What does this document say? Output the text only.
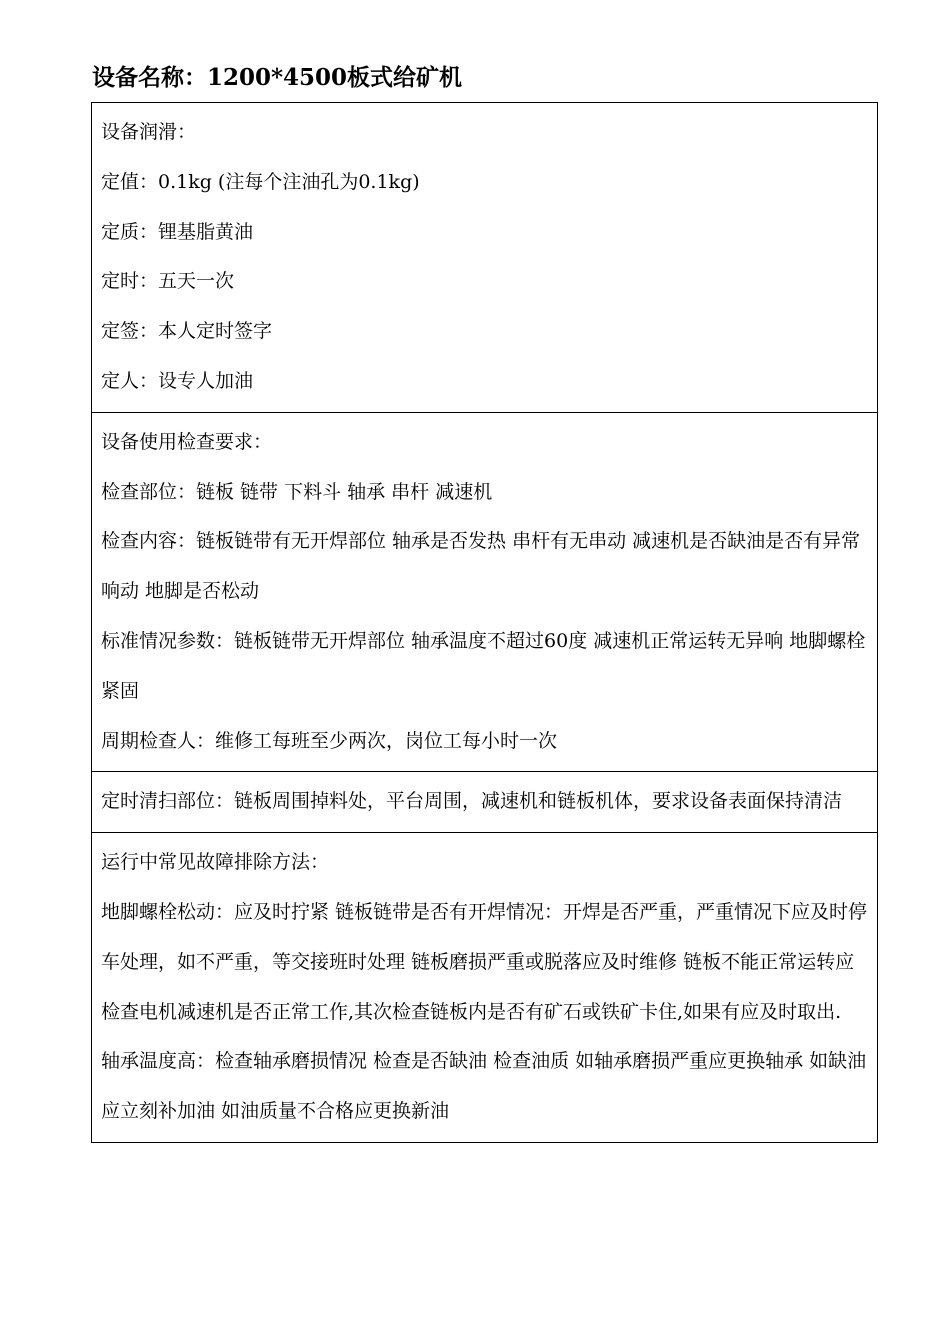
设备名称：1200*4500板式给矿机
设备润滑：
定值：0.1kg (注每个注油孔为0.1kg)
定质：锂基脂黄油
定时：五天一次
定签：本人定时签字
定人：设专人加油

设备使用检查要求：
检查部位：链板 链带 下料斗 轴承 串杆 减速机
检查内容：链板链带有无开焊部位 轴承是否发热 串杆有无串动 减速机是否缺油是否有异常响动 地脚是否松动
标准情况参数：链板链带无开焊部位 轴承温度不超过60度 减速机正常运转无异响 地脚螺栓紧固
周期检查人：维修工每班至少两次，岗位工每小时一次

定时清扫部位：链板周围掉料处，平台周围，减速机和链板机体，要求设备表面保持清洁

运行中常见故障排除方法：
地脚螺栓松动：应及时拧紧 链板链带是否有开焊情况：开焊是否严重，严重情况下应及时停车处理，如不严重，等交接班时处理 链板磨损严重或脱落应及时维修 链板不能正常运转应检查电机减速机是否正常工作,其次检查链板内是否有矿石或铁矿卡住,如果有应及时取出.
轴承温度高：检查轴承磨损情况 检查是否缺油 检查油质 如轴承磨损严重应更换轴承 如缺油应立刻补加油 如油质量不合格应更换新油
